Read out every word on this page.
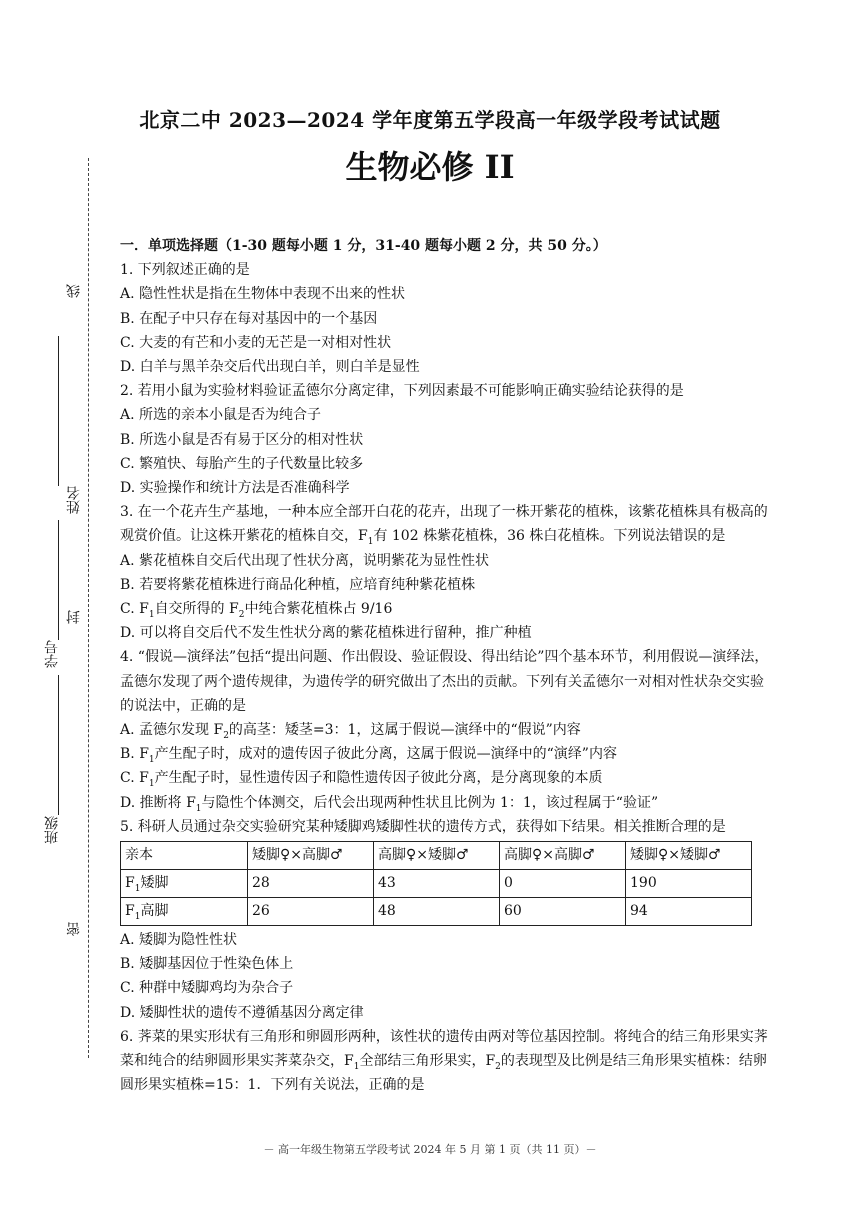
北京二中 2023—2024 学年度第五学段高一年级学段考试试题
生物必修 II
线
姓名
封
学号
班级
密
一．单项选择题（1-30 题每小题 1 分，31-40 题每小题 2 分，共 50 分。）
1. 下列叙述正确的是
A. 隐性性状是指在生物体中表现不出来的性状
B. 在配子中只存在每对基因中的一个基因
C. 大麦的有芒和小麦的无芒是一对相对性状
D. 白羊与黑羊杂交后代出现白羊，则白羊是显性
2. 若用小鼠为实验材料验证孟德尔分离定律，下列因素最不可能影响正确实验结论获得的是
A. 所选的亲本小鼠是否为纯合子
B. 所选小鼠是否有易于区分的相对性状
C. 繁殖快、每胎产生的子代数量比较多
D. 实验操作和统计方法是否准确科学
3. 在一个花卉生产基地，一种本应全部开白花的花卉，出现了一株开紫花的植株，该紫花植株具有极高的
观赏价值。让这株开紫花的植株自交，$F_1$有 102 株紫花植株，36 株白花植株。下列说法错误的是
A. 紫花植株自交后代出现了性状分离，说明紫花为显性性状
B. 若要将紫花植株进行商品化种植，应培育纯种紫花植株
C. $F_1$自交所得的 $F_2$中纯合紫花植株占 9/16
D. 可以将自交后代不发生性状分离的紫花植株进行留种，推广种植
4. “假说—演绎法”包括“提出问题、作出假设、验证假设、得出结论”四个基本环节，利用假说—演绎法，
孟德尔发现了两个遗传规律，为遗传学的研究做出了杰出的贡献。下列有关孟德尔一对相对性状杂交实验
的说法中，正确的是
A. 孟德尔发现 $F_2$的高茎：矮茎=3：1，这属于假说—演绎中的“假说”内容
B. $F_1$产生配子时，成对的遗传因子彼此分离，这属于假说—演绎中的“演绎”内容
C. $F_1$产生配子时，显性遗传因子和隐性遗传因子彼此分离，是分离现象的本质
D. 推断将 $F_1$与隐性个体测交，后代会出现两种性状且比例为 1：1，该过程属于“验证”
5. 科研人员通过杂交实验研究某种矮脚鸡矮脚性状的遗传方式，获得如下结果。相关推断合理的是
亲本	矮脚♀×高脚♂	高脚♀×矮脚♂	高脚♀×高脚♂	矮脚♀×矮脚♂
$F_1$矮脚	28	43	0	190
$F_1$高脚	26	48	60	94
A. 矮脚为隐性性状
B. 矮脚基因位于性染色体上
C. 种群中矮脚鸡均为杂合子
D. 矮脚性状的遗传不遵循基因分离定律
6. 荠菜的果实形状有三角形和卵圆形两种，该性状的遗传由两对等位基因控制。将纯合的结三角形果实荠
菜和纯合的结卵圆形果实荠菜杂交，$F_1$全部结三角形果实，$F_2$的表现型及比例是结三角形果实植株：结卵
圆形果实植株=15：1．下列有关说法，正确的是
－ 高一年级生物第五学段考试 2024 年 5 月 第 1 页（共 11 页）－
